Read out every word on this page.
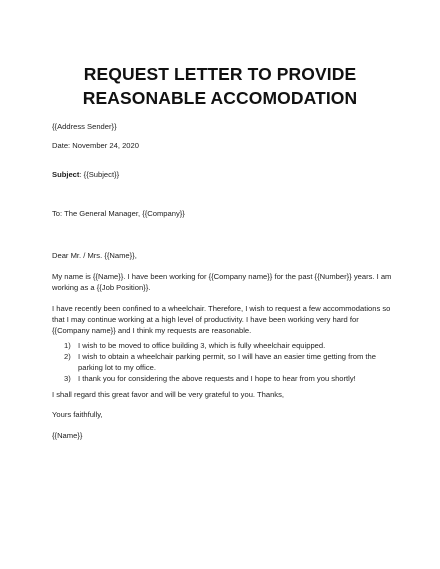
REQUEST LETTER TO PROVIDE
REASONABLE ACCOMODATION
{{Address Sender}}
Date: November 24, 2020
Subject: {{Subject}}
To: The General Manager, {{Company}}
Dear Mr. / Mrs. {{Name}},
My name is {{Name}}. I have been working for {{Company name}} for the past {{Number}} years. I am working as a {{Job Position}}.
I have recently been confined to a wheelchair. Therefore, I wish to request a few accommodations so that I may continue working at a high level of productivity. I have been working very hard for {{Company name}} and I think my requests are reasonable.
1) I wish to be moved to office building 3, which is fully wheelchair equipped.
2) I wish to obtain a wheelchair parking permit, so I will have an easier time getting from the parking lot to my office.
3) I thank you for considering the above requests and I hope to hear from you shortly!
I shall regard this great favor and will be very grateful to you. Thanks,
Yours faithfully,
{{Name}}
